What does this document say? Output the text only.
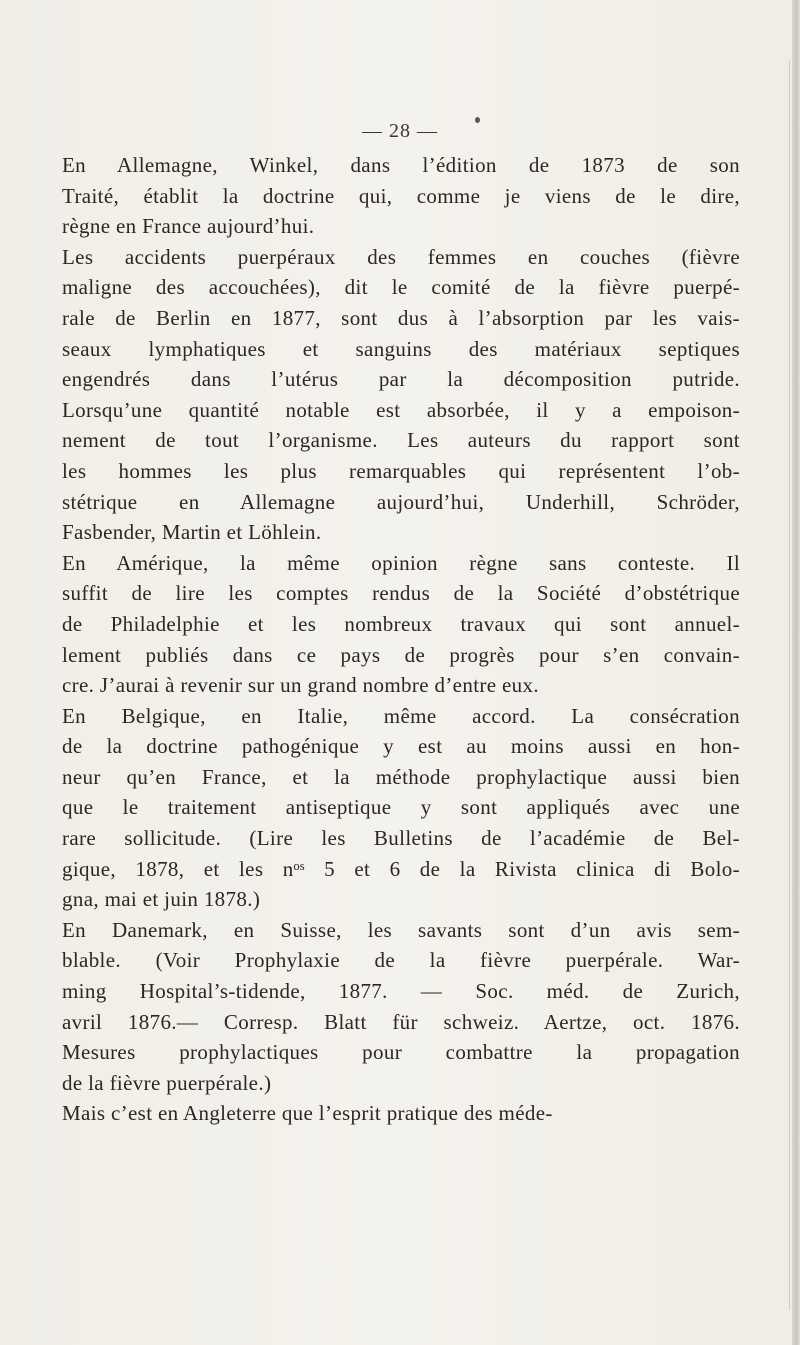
— 28 —
En Allemagne, Winkel, dans l’édition de 1873 de son
Traité, établit la doctrine qui, comme je viens de le dire,
règne en France aujourd’hui.
Les accidents puerpéraux des femmes en couches (fièvre
maligne des accouchées), dit le comité de la fièvre puerpé-
rale de Berlin en 1877, sont dus à l’absorption par les vais-
seaux lymphatiques et sanguins des matériaux septiques
engendrés dans l’utérus par la décomposition putride.
Lorsqu’une quantité notable est absorbée, il y a empoison-
nement de tout l’organisme. Les auteurs du rapport sont
les hommes les plus remarquables qui représentent l’ob-
stétrique en Allemagne aujourd’hui, Underhill, Schröder,
Fasbender, Martin et Löhlein.
En Amérique, la même opinion règne sans conteste. Il
suffit de lire les comptes rendus de la Société d’obstétrique
de Philadelphie et les nombreux travaux qui sont annuel-
lement publiés dans ce pays de progrès pour s’en convain-
cre. J’aurai à revenir sur un grand nombre d’entre eux.
En Belgique, en Italie, même accord. La consécration
de la doctrine pathogénique y est au moins aussi en hon-
neur qu’en France, et la méthode prophylactique aussi bien
que le traitement antiseptique y sont appliqués avec une
rare sollicitude. (Lire les Bulletins de l’académie de Bel-
gique, 1878, et les nᵒˢ 5 et 6 de la Rivista clinica di Bolo-
gna, mai et juin 1878.)
En Danemark, en Suisse, les savants sont d’un avis sem-
blable. (Voir Prophylaxie de la fièvre puerpérale. War-
ming Hospital’s-tidende, 1877. — Soc. méd. de Zurich,
avril 1876.— Corresp. Blatt für schweiz. Aertze, oct. 1876.
Mesures prophylactiques pour combattre la propagation
de la fièvre puerpérale.)
Mais c’est en Angleterre que l’esprit pratique des méde-
